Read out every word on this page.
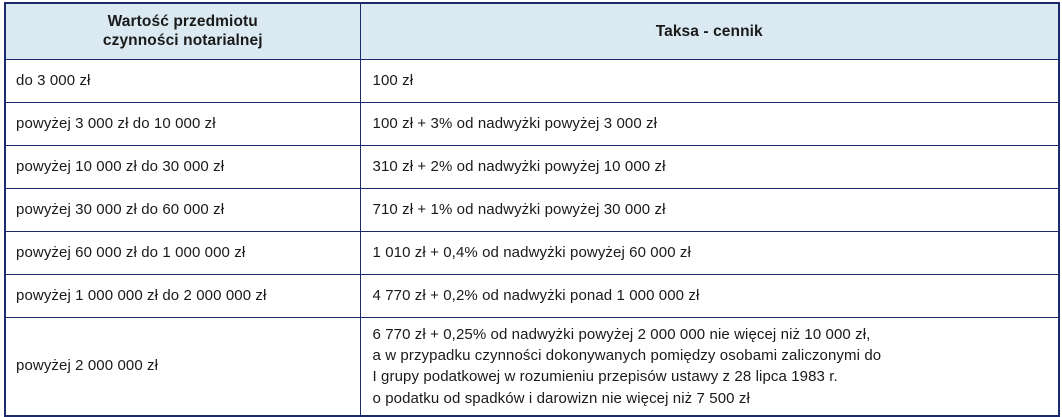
Wartość przedmiotu
czynności notarialnej	Taksa - cennik
do 3 000 zł	100 zł
powyżej 3 000 zł do 10 000 zł	100 zł + 3% od nadwyżki powyżej 3 000 zł
powyżej 10 000 zł do 30 000 zł	310 zł + 2% od nadwyżki powyżej 10 000 zł
powyżej 30 000 zł do 60 000 zł	710 zł + 1% od nadwyżki powyżej 30 000 zł
powyżej 60 000 zł do 1 000 000 zł	1 010 zł + 0,4% od nadwyżki powyżej 60 000 zł
powyżej 1 000 000 zł do 2 000 000 zł	4 770 zł + 0,2% od nadwyżki ponad 1 000 000 zł
powyżej 2 000 000 zł	6 770 zł + 0,25% od nadwyżki powyżej 2 000 000 nie więcej niż 10 000 zł,
a w przypadku czynności dokonywanych pomiędzy osobami zaliczonymi do
I grupy podatkowej w rozumieniu przepisów ustawy z 28 lipca 1983 r.
o podatku od spadków i darowizn nie więcej niż 7 500 zł
